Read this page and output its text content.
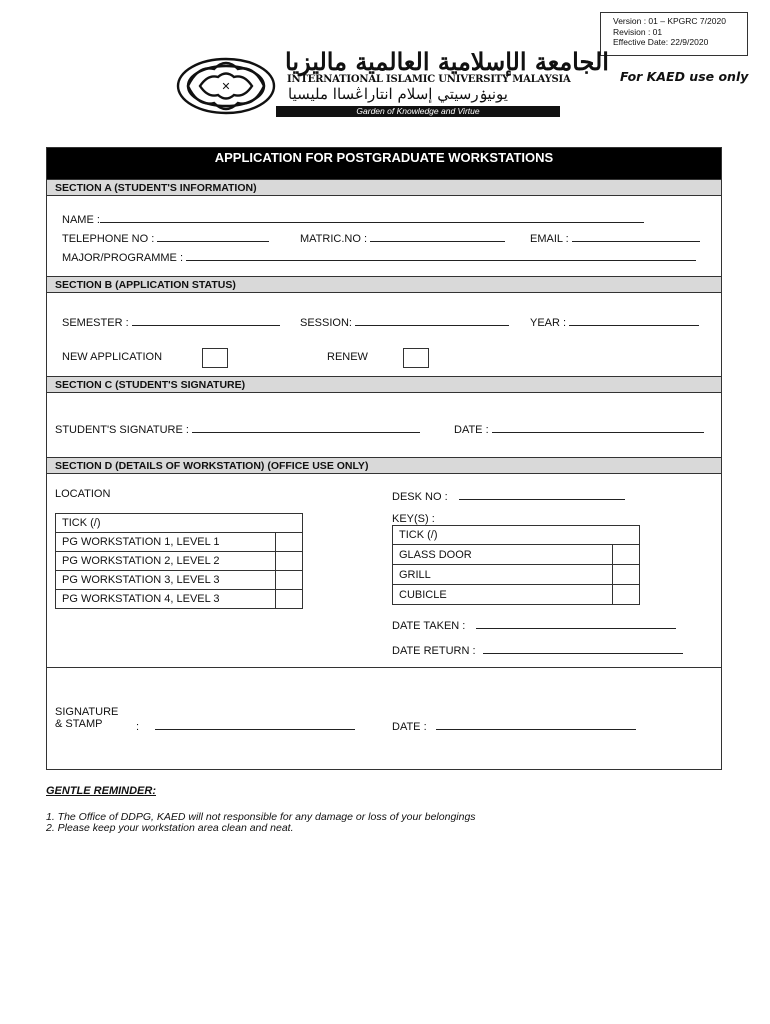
Version : 01 – KPGRC 7/2020
Revision : 01
Effective Date: 22/9/2020
For KAED use only
✕
الجامعة الإسلامية العالمية ماليزيا
INTERNATIONAL ISLAMIC UNIVERSITY MALAYSIA
يونيۏرسيتي إسلام انتاراڠساا مليسيا
Garden of Knowledge and Virtue
APPLICATION FOR POSTGRADUATE WORKSTATIONS
SECTION A (STUDENT'S INFORMATION)
NAME :
TELEPHONE NO :	MATRIC.NO :	EMAIL :
MAJOR/PROGRAMME :
SECTION B (APPLICATION STATUS)
SEMESTER :	SESSION:	YEAR :
NEW APPLICATION	RENEW
SECTION C (STUDENT'S SIGNATURE)
STUDENT'S SIGNATURE :	DATE :
SECTION D (DETAILS OF WORKSTATION) (OFFICE USE ONLY)
LOCATION
TICK (/)	
PG WORKSTATION 1, LEVEL 1	
PG WORKSTATION 2, LEVEL 2	
PG WORKSTATION 3, LEVEL 3	
PG WORKSTATION 4, LEVEL 3	
DESK NO :
KEY(S) :
TICK (/)	
GLASS DOOR	
GRILL	
CUBICLE	
DATE TAKEN :
DATE RETURN :
SIGNATURE
& STAMP	:	DATE :
GENTLE REMINDER:
1. The Office of DDPG, KAED will not responsible for any damage or loss of your belongings
2. Please keep your workstation area clean and neat.
